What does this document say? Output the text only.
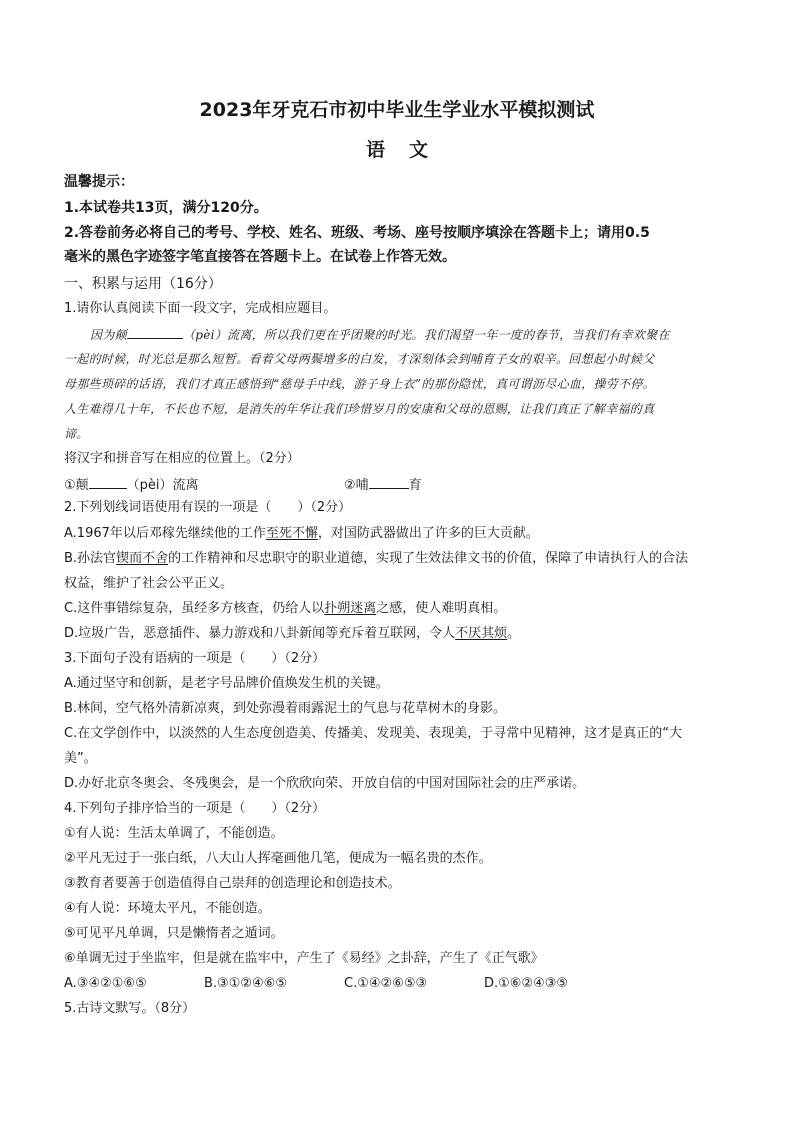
2023年牙克石市初中毕业生学业水平模拟测试
语文
温馨提示：
1.本试卷共13页，满分120分。
2.答卷前务必将自己的考号、学校、姓名、班级、考场、座号按顺序填涂在答题卡上；请用0.5
毫米的黑色字迹签字笔直接答在答题卡上。在试卷上作答无效。
一、积累与运用（16分）
1.请你认真阅读下面一段文字，完成相应题目。
因为颠	（pèi）流离，所以我们更在乎团聚的时光。我们渴望一年一度的春节，当我们有幸欢聚在
一起的时候，时光总是那么短暂。看着父母两鬓增多的白发，才深刻体会到哺育子女的艰辛。回想起小时候父
母那些琐碎的话语，我们才真正感悟到“慈母手中线，游子身上衣”的那份隐忧，真可谓沥尽心血，操劳不停。
人生难得几十年，不长也不短，是消失的年华让我们珍惜岁月的安康和父母的恩赐，让我们真正了解幸福的真
谛。
将汉字和拼音写在相应的位置上。（2分）
①颠	（pèi）流离	②哺	育
2.下列划线词语使用有误的一项是（　　）（2分）
A.1967年以后邓稼先继续他的工作至死不懈，对国防武器做出了许多的巨大贡献。
B.孙法官锲而不舍的工作精神和尽忠职守的职业道德，实现了生效法律文书的价值，保障了申请执行人的合法
权益，维护了社会公平正义。
C.这件事错综复杂，虽经多方核查，仍给人以扑朔迷离之感，使人难明真相。
D.垃圾广告，恶意插件、暴力游戏和八卦新闻等充斥着互联网，令人不厌其烦。
3.下面句子没有语病的一项是（　　）（2分）
A.通过坚守和创新，是老字号品牌价值焕发生机的关键。
B.林间，空气格外清新凉爽，到处弥漫着雨露泥土的气息与花草树木的身影。
C.在文学创作中，以淡然的人生态度创造美、传播美、发现美、表现美，于寻常中见精神，这才是真正的“大
美”。
D.办好北京冬奥会、冬残奥会，是一个欣欣向荣、开放自信的中国对国际社会的庄严承诺。
4.下列句子排序恰当的一项是（　　）（2分）
①有人说：生活太单调了，不能创造。
②平凡无过于一张白纸，八大山人挥毫画他几笔，便成为一幅名贵的杰作。
③教育者要善于创造值得自己崇拜的创造理论和创造技术。
④有人说：环境太平凡，不能创造。
⑤可见平凡单调，只是懒惰者之遁词。
⑥单调无过于坐监牢，但是就在监牢中，产生了《易经》之卦辞，产生了《正气歌》
A.③④②①⑥⑤	B.③①②④⑥⑤	C.①④②⑥⑤③	D.①⑥②④③⑤
5.古诗文默写。（8分）
